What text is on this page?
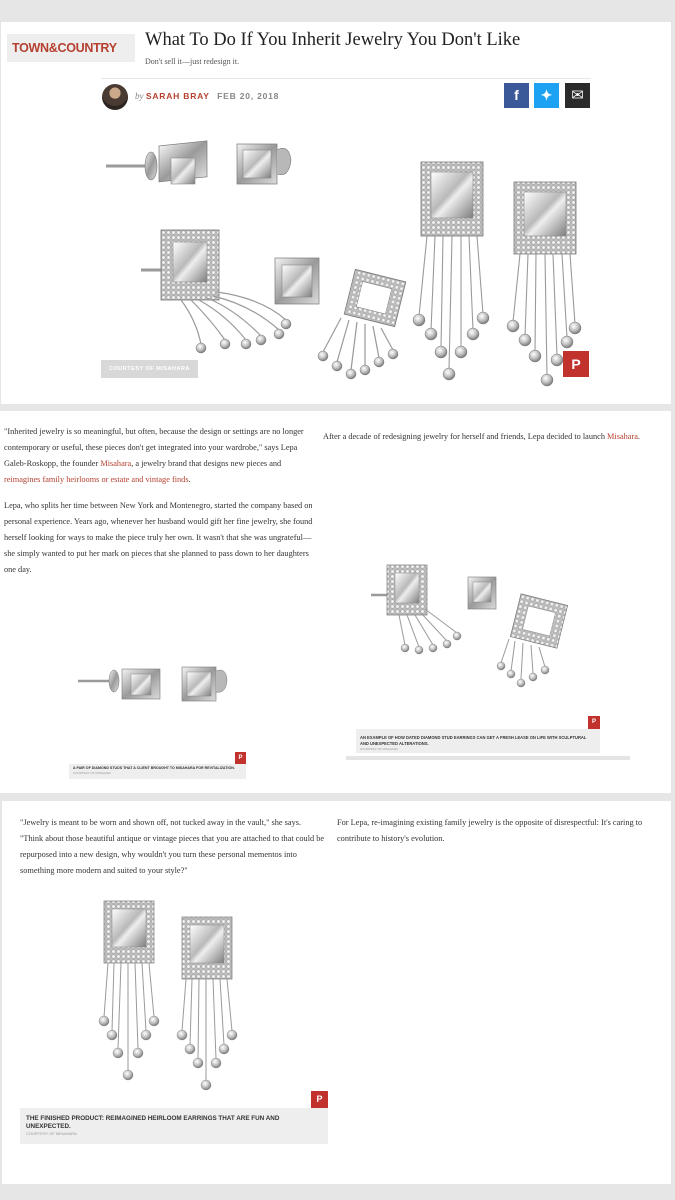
TOWN&COUNTRY	What To Do If You Inherit Jewelry You Don't Like
Don't sell it—just redesign it.
by SARAH BRAY FEB 20, 2018	f	✦	✉
COURTESY OF MISAHARA	P

"Inherited jewelry is so meaningful, but often, because the design or settings are no longer contemporary or useful, these pieces don't get integrated into your wardrobe," says Lepa Galeb-Roskopp, the founder Misahara, a jewelry brand that designs new pieces and reimagines family heirlooms or estate and vintage finds.

Lepa, who splits her time between New York and Montenegro, started the company based on personal experience. Years ago, whenever her husband would gift her fine jewelry, she found herself looking for ways to make the piece truly her own. It wasn't that she was ungrateful—she simply wanted to put her mark on pieces that she planned to pass down to her daughters one day.

After a decade of redesigning jewelry for herself and friends, Lepa decided to launch Misahara.

P
A PAIR OF DIAMOND STUDS THAT A CLIENT BROUGHT TO MISAHARA FOR REVITALIZATION.
COURTESY OF MISAHARA
P
AN EXAMPLE OF HOW DATED DIAMOND STUD EARRINGS CAN GET A FRESH LEASE ON LIFE WITH SCULPTURAL AND UNEXPECTED ALTERATIONS.
COURTESY OF MISAHARA

"Jewelry is meant to be worn and shown off, not tucked away in the vault," she says. "Think about those beautiful antique or vintage pieces that you are attached to that could be repurposed into a new design, why wouldn't you turn these personal mementos into something more modern and suited to your style?"

For Lepa, re-imagining existing family jewelry is the opposite of disrespectful: It's caring to contribute to history's evolution.

P
THE FINISHED PRODUCT: REIMAGINED HEIRLOOM EARRINGS THAT ARE FUN AND UNEXPECTED.
COURTESY OF MISAHARA
